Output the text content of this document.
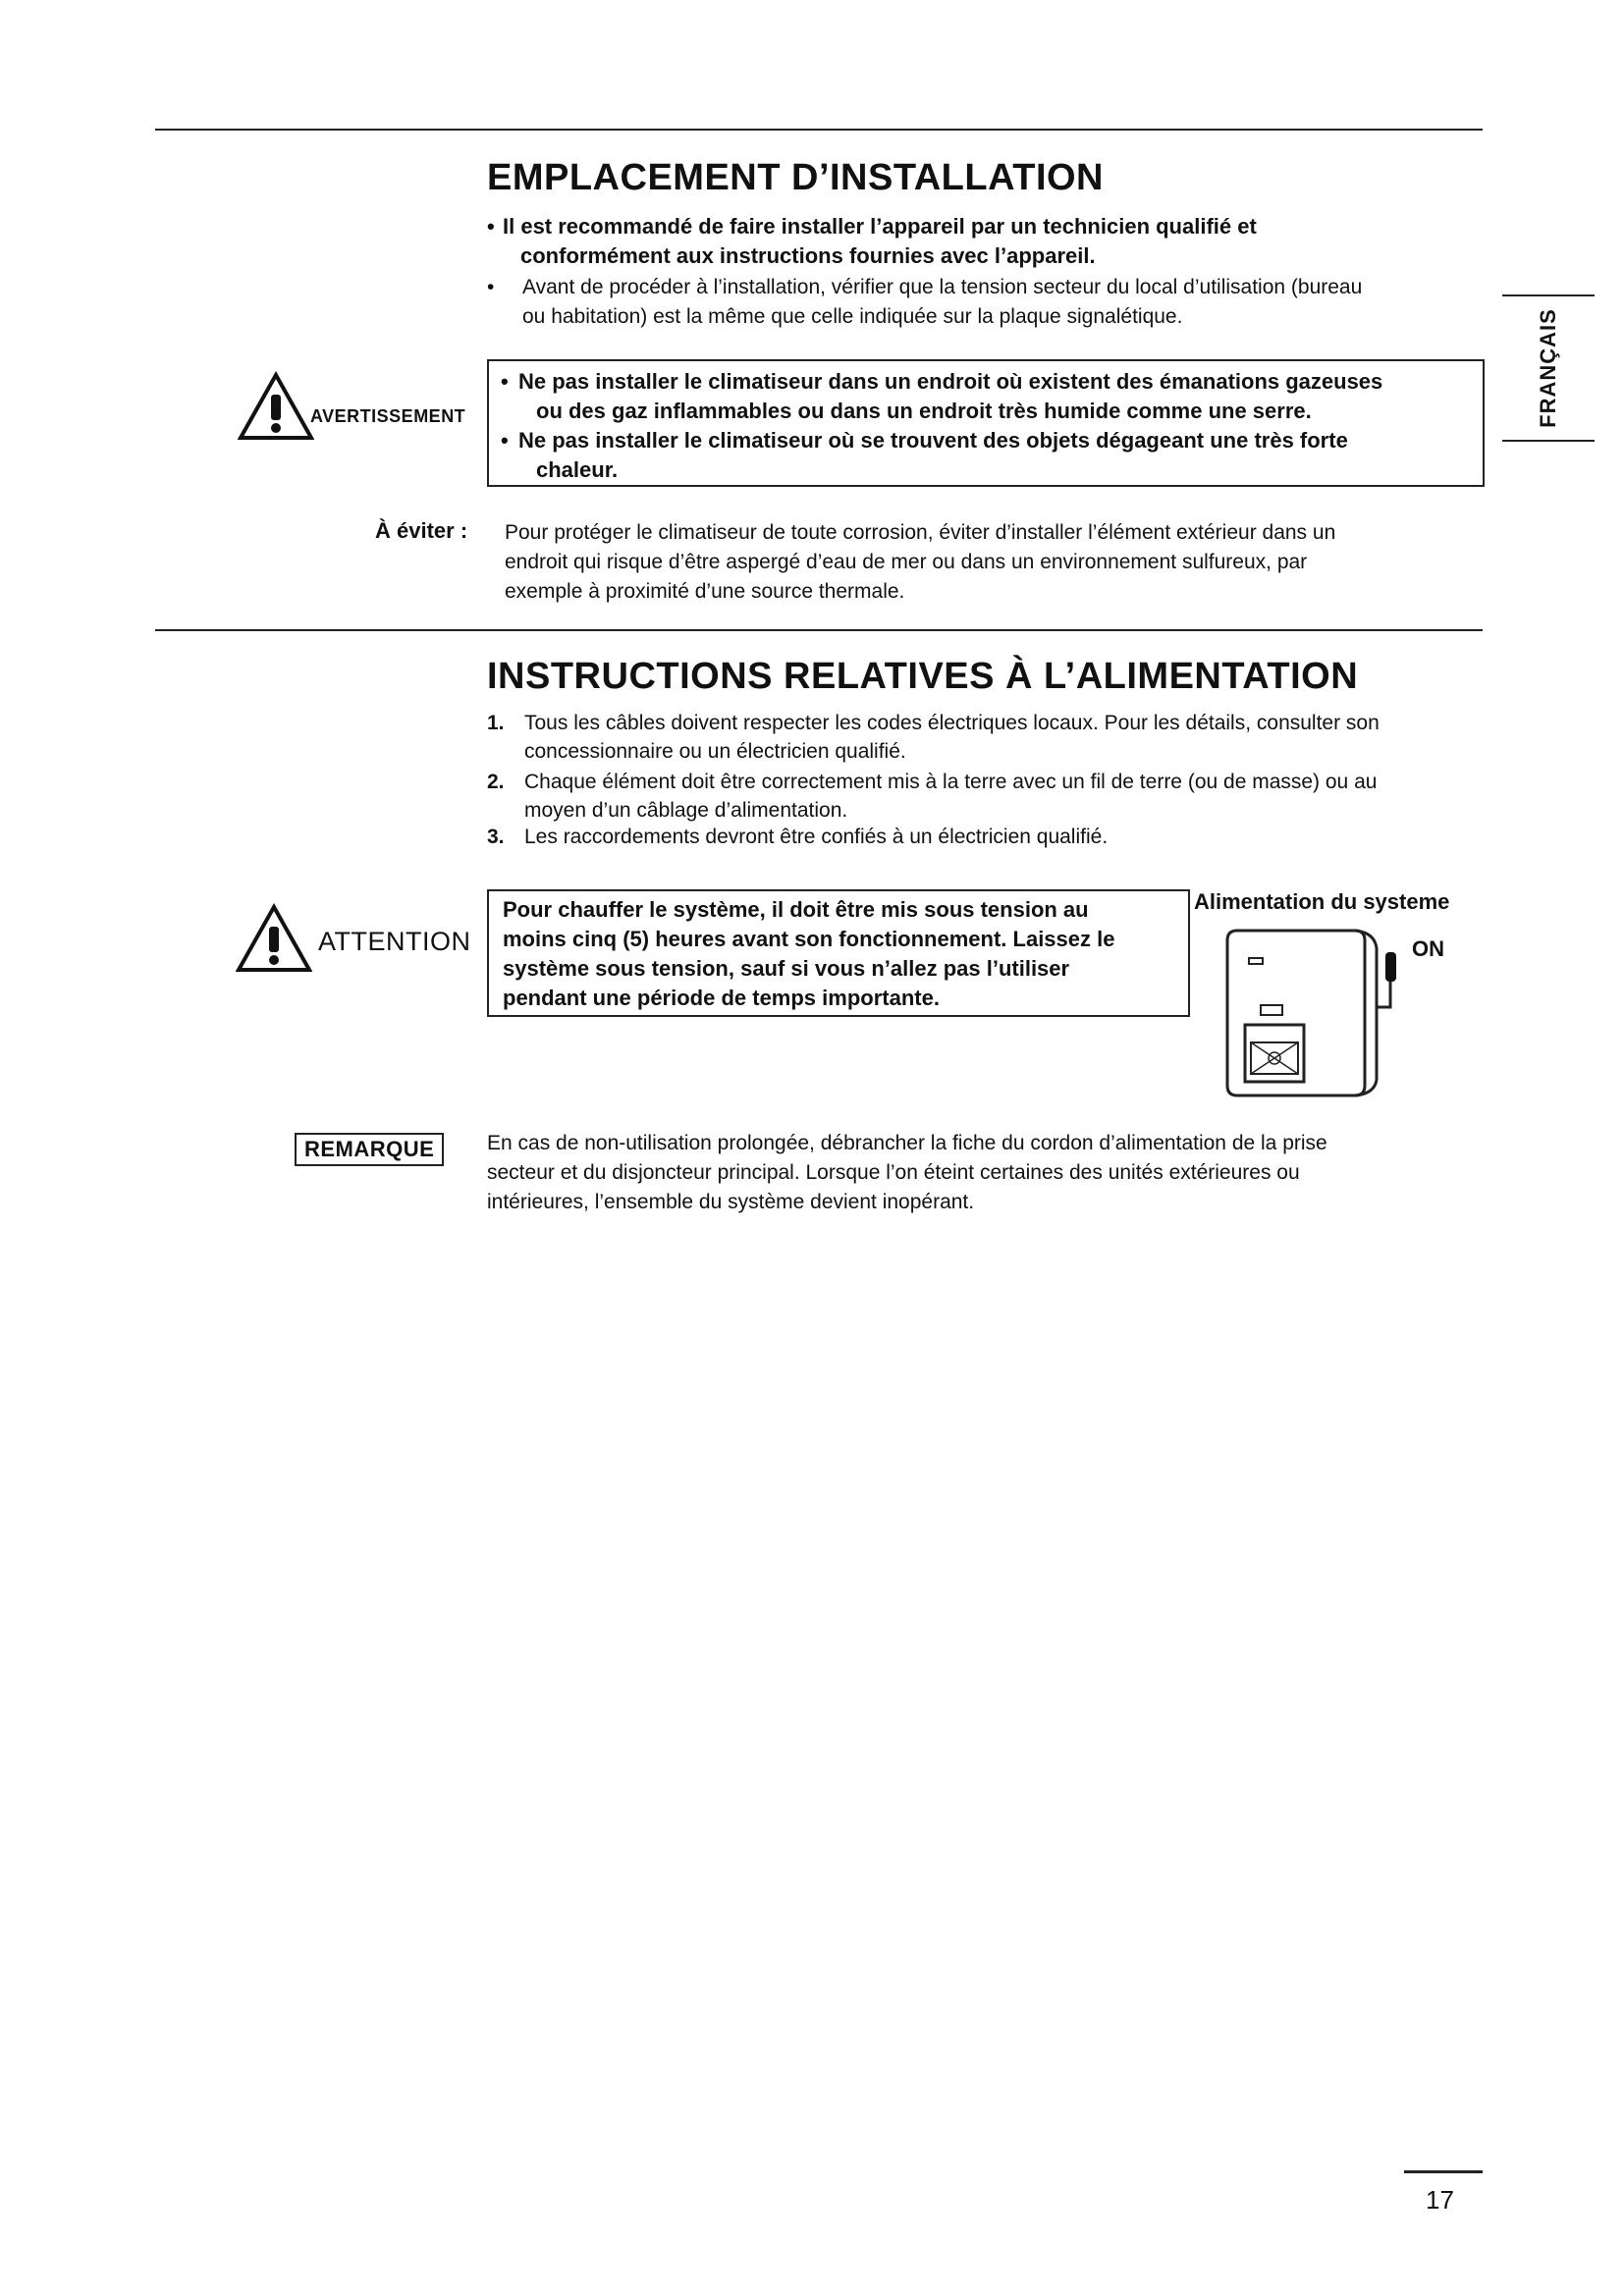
FRANÇAIS
EMPLACEMENT D’INSTALLATION
• Il est recommandé de faire installer l’appareil par un technicien qualifié et
conformément aux instructions fournies avec l’appareil.
•	Avant de procéder à l’installation, vérifier que la tension secteur du local d’utilisation (bureau
ou habitation) est la même que celle indiquée sur la plaque signalétique.
AVERTISSEMENT
• Ne pas installer le climatiseur dans un endroit où existent des émanations gazeuses
ou des gaz inflammables ou dans un endroit très humide comme une serre.
• Ne pas installer le climatiseur où se trouvent des objets dégageant une très forte
chaleur.
À éviter : Pour protéger le climatiseur de toute corrosion, éviter d’installer l’élément extérieur dans un
endroit qui risque d’être aspergé d’eau de mer ou dans un environnement sulfureux, par
exemple à proximité d’une source thermale.
INSTRUCTIONS RELATIVES À L’ALIMENTATION
1. Tous les câbles doivent respecter les codes électriques locaux. Pour les détails, consulter son
concessionnaire ou un électricien qualifié.
2. Chaque élément doit être correctement mis à la terre avec un fil de terre (ou de masse) ou au
moyen d’un câblage d’alimentation.
3. Les raccordements devront être confiés à un électricien qualifié.
ATTENTION
Pour chauffer le système, il doit être mis sous tension au
moins cinq (5) heures avant son fonctionnement. Laissez le
système sous tension, sauf si vous n’allez pas l’utiliser
pendant une période de temps importante.
Alimentation du systeme
ON
REMARQUE	En cas de non-utilisation prolongée, débrancher la fiche du cordon d’alimentation de la prise
secteur et du disjoncteur principal. Lorsque l’on éteint certaines des unités extérieures ou
intérieures, l’ensemble du système devient inopérant.
17
